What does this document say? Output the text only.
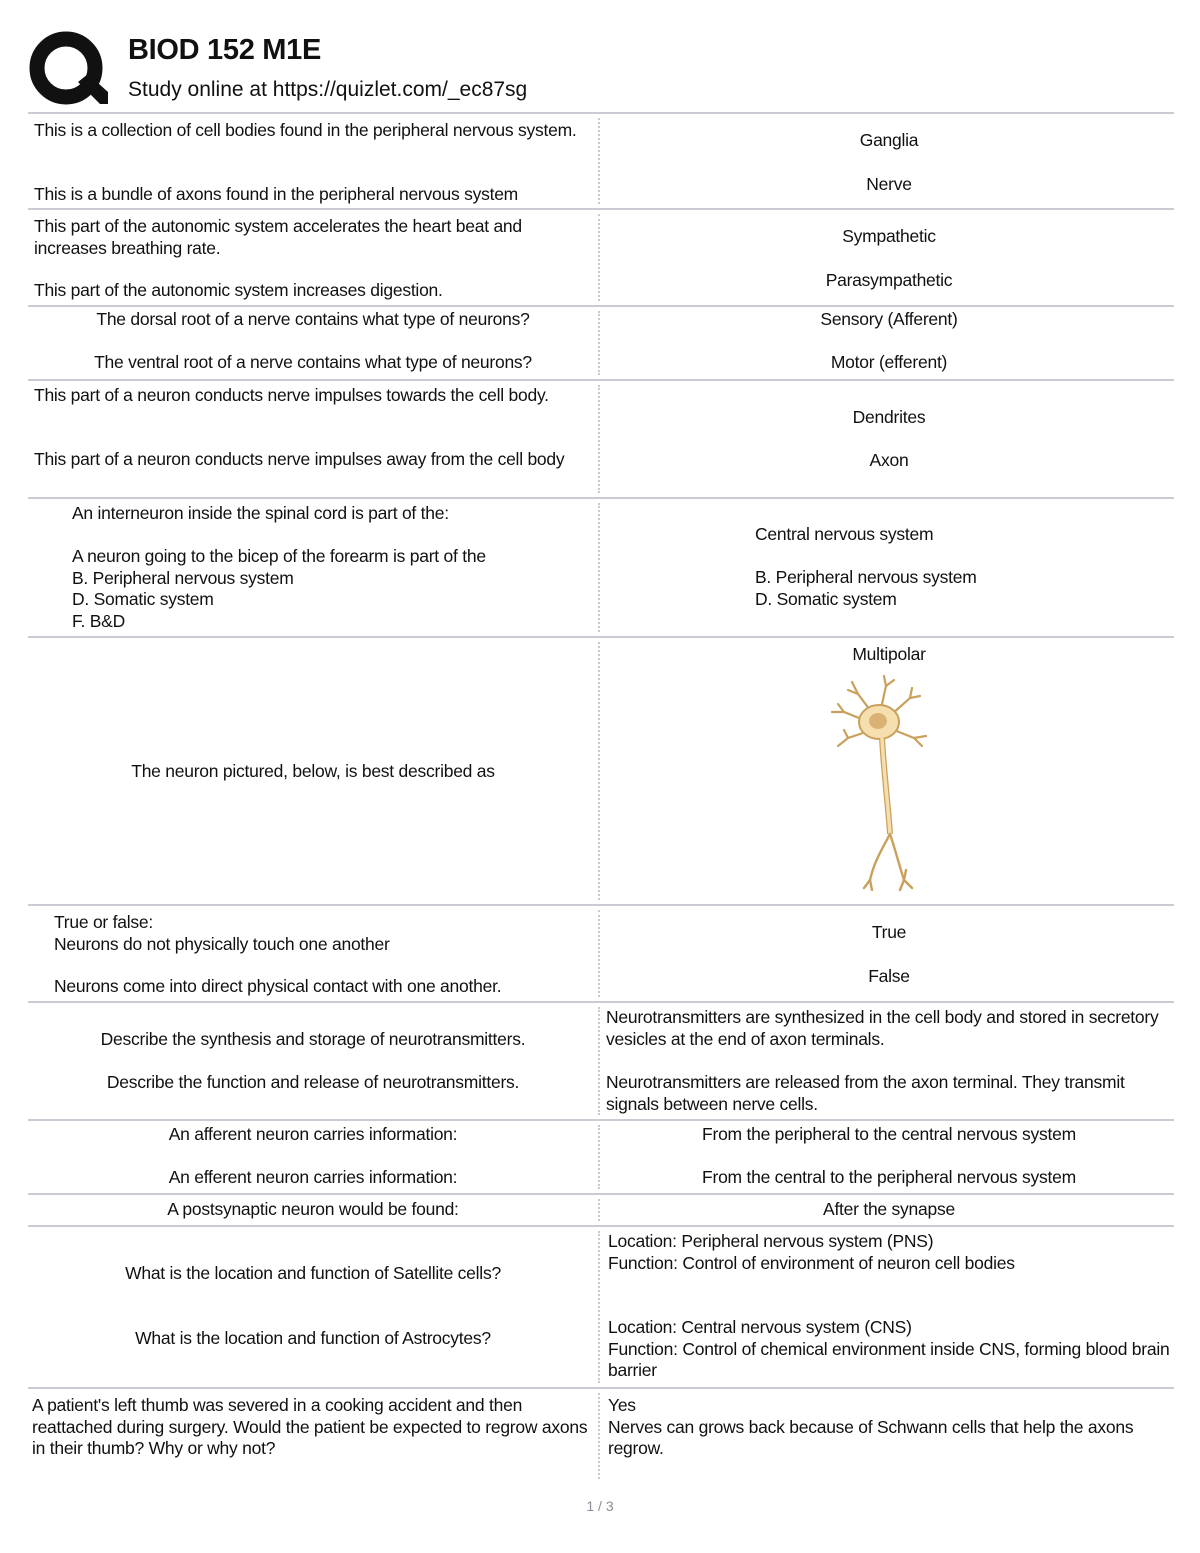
BIOD 152 M1E
Study online at https://quizlet.com/_ec87sg
This is a collection of cell bodies found in the peripheral nervous system.
This is a bundle of axons found in the peripheral nervous system
Ganglia
Nerve
This part of the autonomic system accelerates the heart beat and increases breathing rate.
This part of the autonomic system increases digestion.
Sympathetic
Parasympathetic
The dorsal root of a nerve contains what type of neurons?
The ventral root of a nerve contains what type of neurons?
Sensory (Afferent)
Motor (efferent)
This part of a neuron conducts nerve impulses towards the cell body.
This part of a neuron conducts nerve impulses away from the cell body
Dendrites
Axon
An interneuron inside the spinal cord is part of the:
A neuron going to the bicep of the forearm is part of the
B. Peripheral nervous system
D. Somatic system
F. B&D
Central nervous system
B. Peripheral nervous system
D. Somatic system
The neuron pictured, below, is best described as
Multipolar
True or false:
Neurons do not physically touch one another
Neurons come into direct physical contact with one another.
True
False
Describe the synthesis and storage of neurotransmitters.
Describe the function and release of neurotransmitters.
Neurotransmitters are synthesized in the cell body and stored in secretory vesicles at the end of axon terminals.
Neurotransmitters are released from the axon terminal. They transmit signals between nerve cells.
An afferent neuron carries information:
An efferent neuron carries information:
From the peripheral to the central nervous system
From the central to the peripheral nervous system
A postsynaptic neuron would be found:	After the synapse
What is the location and function of Satellite cells?
What is the location and function of Astrocytes?
Location: Peripheral nervous system (PNS)
Function: Control of environment of neuron cell bodies
Location: Central nervous system (CNS)
Function: Control of chemical environment inside CNS, forming blood brain barrier
A patient's left thumb was severed in a cooking accident and then reattached during surgery. Would the patient be expected to regrow axons in their thumb? Why or why not?
Yes
Nerves can grows back because of Schwann cells that help the axons regrow.
1 / 3
